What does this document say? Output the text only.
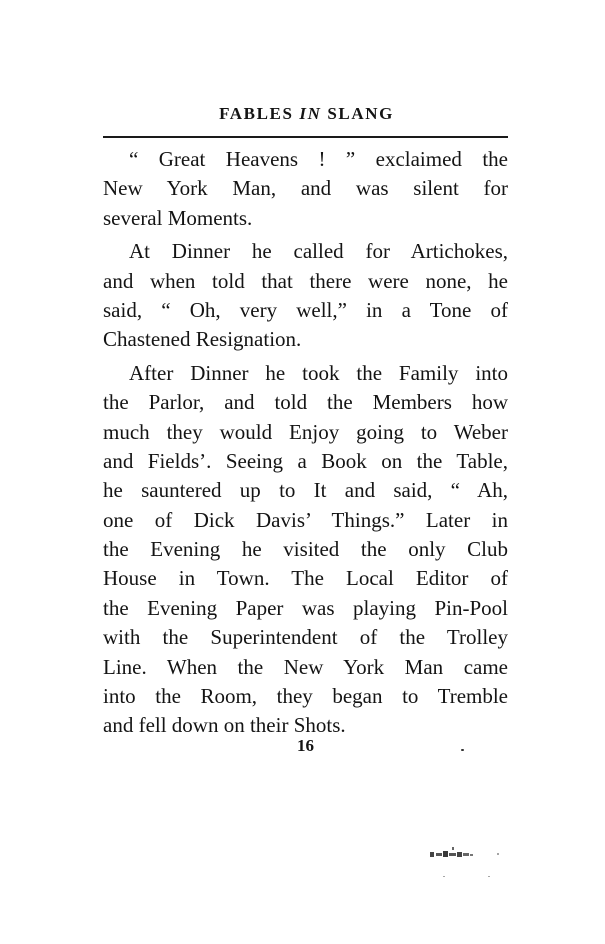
FABLES IN SLANG

“ Great Heavens ! ” exclaimed the
New York Man, and was silent for
several Moments.

At Dinner he called for Artichokes,
and when told that there were none, he
said, “ Oh, very well,” in a Tone of
Chastened Resignation.

After Dinner he took the Family into
the Parlor, and told the Members how
much they would Enjoy going to Weber
and Fields’. Seeing a Book on the Table,
he sauntered up to It and said, “ Ah,
one of Dick Davis’ Things.” Later in
the Evening he visited the only Club
House in Town. The Local Editor of
the Evening Paper was playing Pin-Pool
with the Superintendent of the Trolley
Line. When the New York Man came
into the Room, they began to Tremble
and fell down on their Shots.

16
